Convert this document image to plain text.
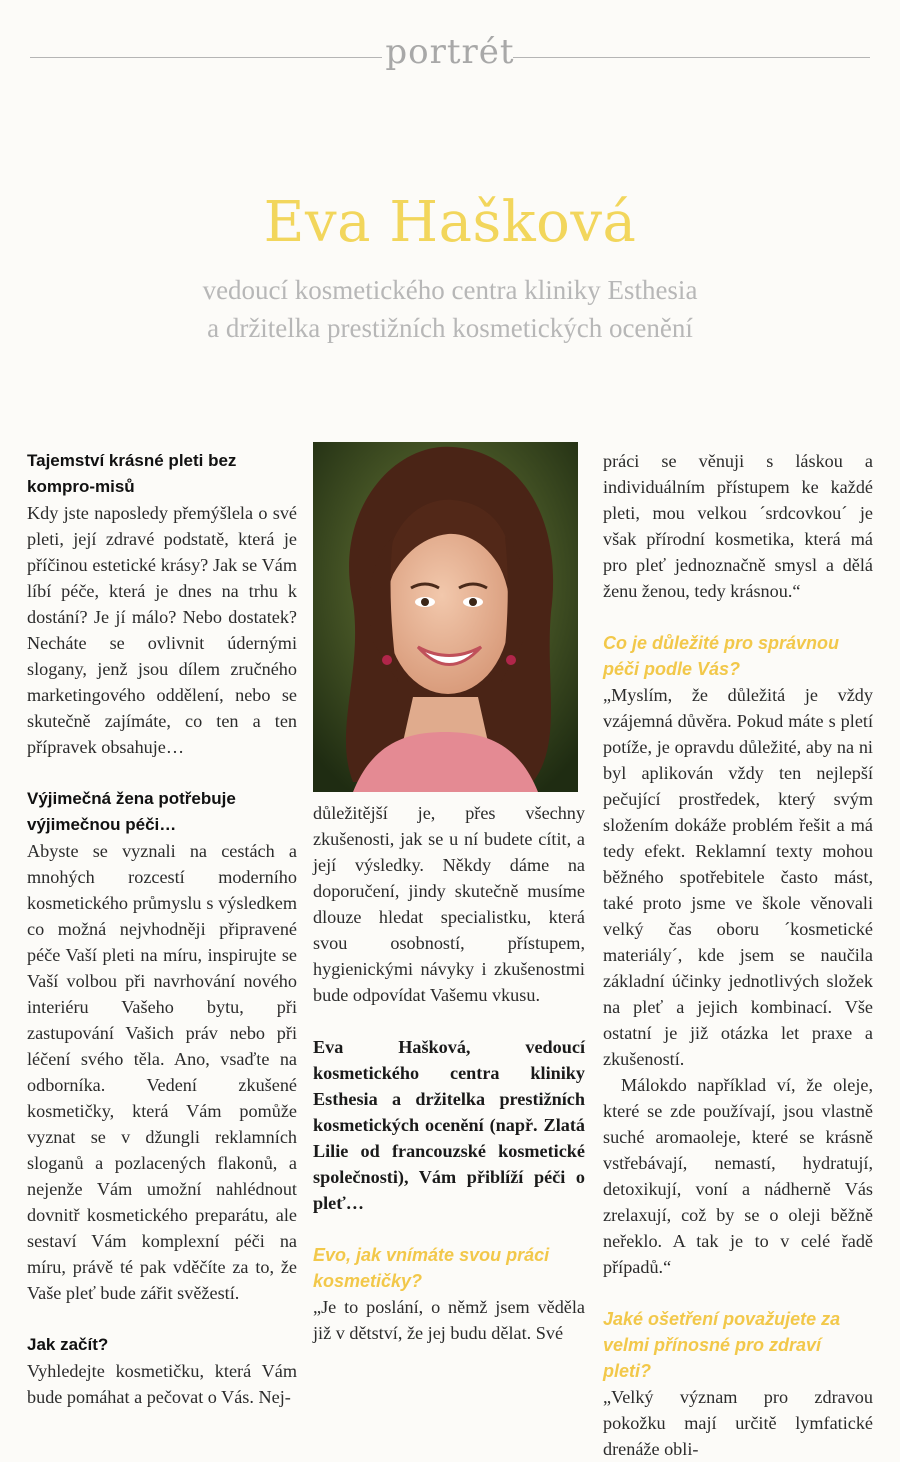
portrét
Eva Hašková
vedoucí kosmetického centra kliniky Esthesia
a držitelka prestižních kosmetických ocenění

Tajemství krásné pleti bez kompro-misů

Kdy jste naposledy přemýšlela o své pleti, její zdravé podstatě, která je příčinou estetické krásy? Jak se Vám líbí péče, která je dnes na trhu k dostání? Je jí málo? Nebo dostatek? Necháte se ovlivnit údernými slogany, jenž jsou dílem zručného marketingového oddělení, nebo se skutečně zajímáte, co ten a ten přípravek obsahuje…

Výjimečná žena potřebuje výjimečnou péči…

Abyste se vyznali na cestách a mnohých rozcestí moderního kosmetického průmyslu s výsledkem co možná nejvhodněji připravené péče Vaší pleti na míru, inspirujte se Vaší volbou při navrhování nového interiéru Vašeho bytu, při zastupování Vašich práv nebo při léčení svého těla. Ano, vsaďte na odborníka. Vedení zkušené kosmetičky, která Vám pomůže vyznat se v džungli reklamních sloganů a pozlacených flakonů, a nejenže Vám umožní nahlédnout dovnitř kosmetického preparátu, ale sestaví Vám komplexní péči na míru, právě té pak vděčíte za to, že Vaše pleť bude zářit svěžestí.

Jak začít?

Vyhledejte kosmetičku, která Vám bude pomáhat a pečovat o Vás. Nej-

důležitější je, přes všechny zkušenosti, jak se u ní budete cítit, a její výsledky. Někdy dáme na doporučení, jindy skutečně musíme dlouze hledat specialistku, která svou osobností, přístupem, hygienickými návyky i zkušenostmi bude odpovídat Vašemu vkusu.

Eva Hašková, vedoucí kosmetického centra kliniky Esthesia a držitelka prestižních kosmetických ocenění (např. Zlatá Lilie od francouzské kosmetické společnosti), Vám přiblíží péči o pleť…

Evo, jak vnímáte svou práci kosmetičky?

„Je to poslání, o němž jsem věděla již v dětství, že jej budu dělat. Své

práci se věnuji s láskou a individuálním přístupem ke každé pleti, mou velkou ´srdcovkou´ je však přírodní kosmetika, která má pro pleť jednoznačně smysl a dělá ženu ženou, tedy krásnou.“

Co je důležité pro správnou péči podle Vás?

„Myslím, že důležitá je vždy vzájemná důvěra. Pokud máte s pletí potíže, je opravdu důležité, aby na ni byl aplikován vždy ten nejlepší pečující prostředek, který svým složením dokáže problém řešit a má tedy efekt. Reklamní texty mohou běžného spotřebitele často mást, také proto jsme ve škole věnovali velký čas oboru ´kosmetické materiály´, kde jsem se naučila základní účinky jednotlivých složek na pleť a jejich kombinací. Vše ostatní je již otázka let praxe a zkušeností.

Málokdo například ví, že oleje, které se zde používají, jsou vlastně suché aromaoleje, které se krásně vstřebávají, nemastí, hydratují, detoxikují, voní a nádherně Vás zrelaxují, což by se o oleji běžně neřeklo. A tak je to v celé řadě případů.“

Jaké ošetření považujete za velmi přínosné pro zdraví pleti?

„Velký význam pro zdravou pokožku mají určitě lymfatické drenáže obli-
